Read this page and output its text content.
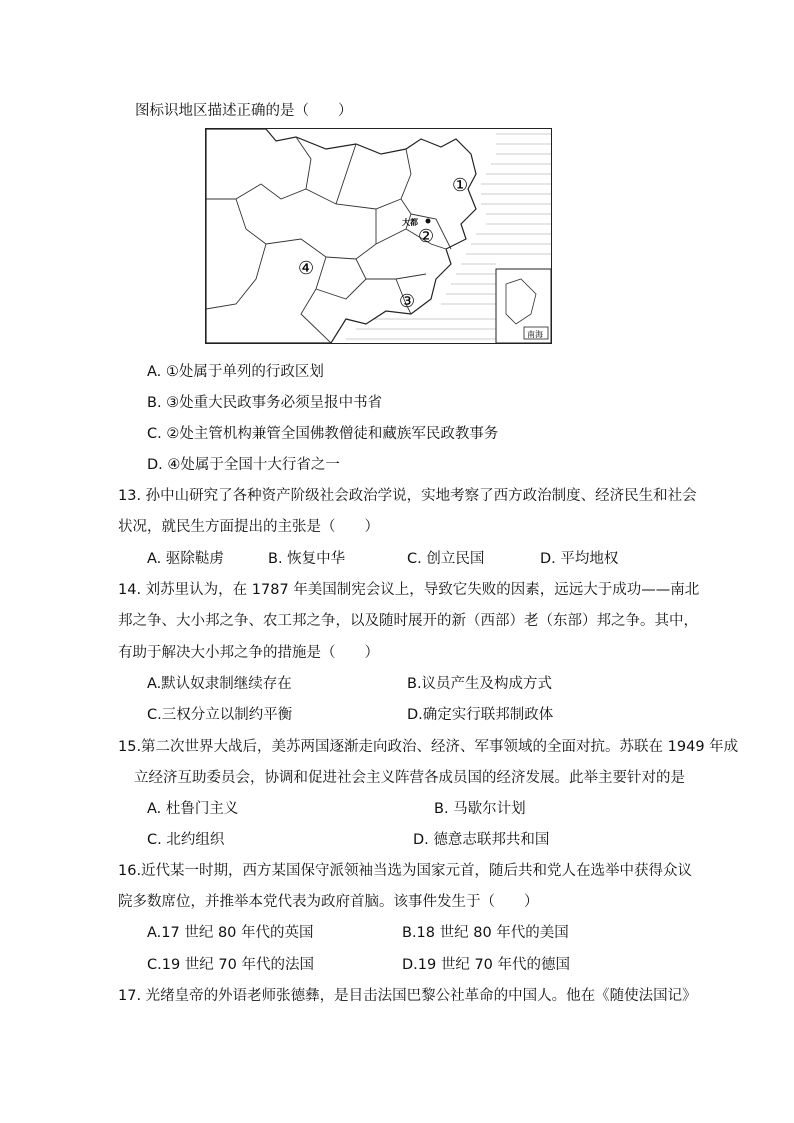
图标识地区描述正确的是（　　）
南海
①
②
③
④
大都
A. ①处属于单列的行政区划
B. ③处重大民政事务必须呈报中书省
C. ②处主管机构兼管全国佛教僧徒和藏族军民政教事务
D. ④处属于全国十大行省之一
13. 孙中山研究了各种资产阶级社会政治学说，实地考察了西方政治制度、经济民生和社会
状况，就民生方面提出的主张是（　　）
A. 驱除鞑虏	B. 恢复中华	C. 创立民国	D. 平均地权
14. 刘苏里认为，在 1787 年美国制宪会议上，导致它失败的因素，远远大于成功——南北
邦之争、大小邦之争、农工邦之争，以及随时展开的新（西部）老（东部）邦之争。其中，
有助于解决大小邦之争的措施是（　　）
A.默认奴隶制继续存在	B.议员产生及构成方式
C.三权分立以制约平衡	D.确定实行联邦制政体
15.第二次世界大战后，美苏两国逐渐走向政治、经济、军事领域的全面对抗。苏联在 1949 年成
立经济互助委员会，协调和促进社会主义阵营各成员国的经济发展。此举主要针对的是
A. 杜鲁门主义	B. 马歇尔计划
C. 北约组织	D. 德意志联邦共和国
16.近代某一时期，西方某国保守派领袖当选为国家元首，随后共和党人在选举中获得众议
院多数席位，并推举本党代表为政府首脑。该事件发生于（　　）
A.17 世纪 80 年代的英国	B.18 世纪 80 年代的美国
C.19 世纪 70 年代的法国	D.19 世纪 70 年代的德国
17. 光绪皇帝的外语老师张德彝，是目击法国巴黎公社革命的中国人。他在《随使法国记》
